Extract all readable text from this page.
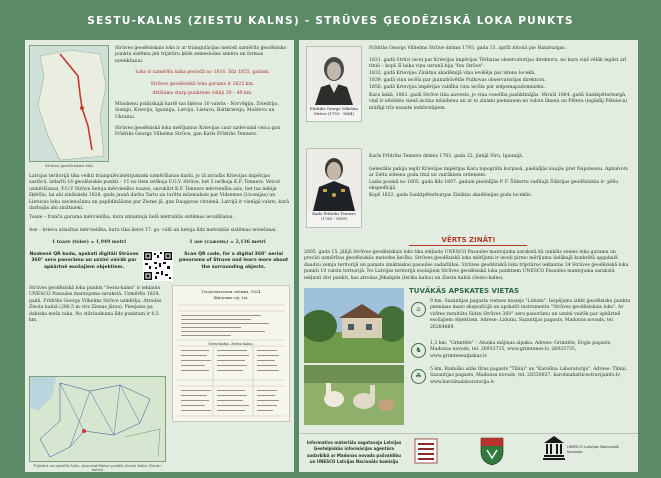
SESTU-KALNS (ZIESTU KALNS) - STRŪVES ĢEODĒZISKĀ LOKA PUNKTS
Strūves ģeodēziskais loks
Strūves ģeodēziskais loks ir ar triangulācijas metodi uzmērīts ģeodēzisko punktu sistēma jeb trijstūru ķēde zemeslodes izmēra un formas noteikšanai.
Loks ir uzmērīts laika periodā no 1816. līdz 1855. gadam.
Strūves ģeodēziskā loka garums ir 2822 km.
Attālums starp punktiem vidēji 30 – 40 km.
Mūsdienu politiskajā kartē tas šķērso 10 valstis - Norvēģiju, Zviedriju, Somiju, Krieviju, Igauniju, Latviju, Lietuvu, Baltkrieviju, Moldovu un Ukrainu.
Strūves ģeodēziskā loka mērījumus Krievijas caur uzdevumā veica gan Frīdrihs Georgs Vilhelms Strūve, gan Karls Frīdrihs Tenners.
Latvijas teritorijā tika veikti triangulēcimērijumiski uzmērīšanas darbi, jo tā atradās Krievijas impērijas sastāvā, izdarīti 16 ģeodēziskie punkti – 11 no tiem ierīkoja F.G.V. Strūve, bet 5 ierīkoja K.F. Tenners. Veicot uzmērīšanas, F.G.V Strūve lietoja mērvienību toazes, savukārt K.F. Tenners mērvienību asis, bet tas nebija šķēršļu, lai abi zinātnieki 1828. gada jaunā darba Tartu un turētu mūzmaksie par Vidzemes (Livonijas) un Lietuvas loku savienošanu un papildināšanu par Zieme jā, gan Daugavas virzienā. Latvijā ir vienīgā valsts, kurā darbojās abi zinātnieki.
Toaze – franču garuma mērvienība, kura izmantoja lielā metriskās sistēmas ievadīšanai.
Ase – krievu atlasītas mērvienība, kura tika lietot 17. gs. vidū un lietoja līdz metriskās sistēmas ieviešanai.
1 toaze (toise) = 1,949 metri	1 ase (сажень) = 2,136 metri
Noskenē QR kodu, apskati digitāli Strūves 360° sera panorāmu un uzzini vairāk par apkārtnē esošajiem objektiem.
Scan QR code, for a digital 360° aerial panorama of Struve and learn more about the surrounding objects.
Strūves ģeodēziskā loka punkts "Sestu-kalns" ir iekļauts UNESCO Pasaules mantojuma sarakstā. Uzmērīts 1824. gadā, Frīdrihs Georgs Vilhelms Strūve uzmērīja. Atrodas Ziestu kalnā (286,5 m virs Zienas jūras). Pieejams pa dabiska meža taku. No stāvlaukuma līdz punktam ir 0,5 km.
Геодезическая съёмка, 1824
Шведских стр. Lat.
Sestu-kalns. Ziestu kalns.
Trijstūri un apvidūs loka. Aizuzmērīšanai punkts Ziestu kalns (Sestu-kalns)
Frīdrihs Georgs Vilhelms Strūve (1793 - 1864)
Karls Frīdrihs Tenners (1783 - 1859)
Frīdrihs Georgs Vilhelms Strūve dzimis 1793. gada 15. aprīlī Altonā pie Hamburgas.
1831. gadā Strūvi ieceļ par Krievijas impērijas Tērbatas observatorijas direktoru, no kura viņš vēlāk iegūst arī tituli – kopš šī laika viņu uzrunā bija "fon Strūve".
1832. gadā Krievijas Zinātņu akadēmijā viņu ievēlēja par īsteno locekli.
1839. gadā viņu iecēla par jaunizbūvētās Pulkovas observatorijas direktoru.
1856. gadā Krievijas impērijas valdība viņu iecēla par zelpemapadomnieku.
Kara laikā, 1862. gadā Strūve tika aizvests, jo viņa veselība pasliktinājās. Miruši 1864. gadā Sanktpēterburgā, viņš ir iebēdzis vienā izcilus mūsdienu un ar to zināmi pieminiem no valstu līmeni un Pētera (iegādāj Pētnieca) mūžīgi trīs nesaite iedzīvotājiem.
Karls Frīdrihs Tenners dzimis 1783. gada 22. jūnijā Viru, Igaunijā.
Ģenerālis pabija iegūt Krievijas impērijas Kara topogrāfu korpusā, piedalījās kaujās pret Napoleonu. Apbalvots ar Zelta zobenu goda titul un vairākiem ordeņiem.
Laika posmā no 1805. gada līdz 1807. gadam piedalījās P. F. Šūberta vadītajā Šūbrijas ģeodēziskās ir- pēšu ekspedīcijā.
Kopš 1832. gada Sanktpēterburgas Zinātņu akadēmijas goda loceklis.
VĒRTS ZINĀT!
2005. gada 15. jūlijā Strūves ģeodēziskais loks tika iekļauts UNESCO Pasaules mantojuma sarakstā kā unikāls zemes loka garuma un precīzi uzmērītas ģeodēziskās metodes liecība. Strūves ģeodēziskā loka mērījumi ir ieceļi pirmo mērījumu lielākajā konkrētā apgabalā daudzu zemju teritorijā un pamats zinātniskai pasaules sadarbībai. Strūves ģeodēziskā loka trijstūros iekļautas 34 Strūves ģeodēziskā loka punkti 10 valstu teritorijā. No Latvijas teritorijā esošajiem Strūves ģeodēziskā loka punktiem UNESCO Pasaules mantojuma sarakstā iekļauti divi punkti, kas atrodas Jēkabpils (Ieriku kalns) un Ziestu kalnā (Sestu-kalns).
TUVĀKĀS APSKATES VIETAS
⌂
9 km. Sazantijas pagasta vietnes muzejs "Lidumi". Iespējams izlikt ģeodēzisko punktu piemiņas mazo ekspozīcijā un apskatīt instrumentu "Strūves ģeodēziskais loks". Ar vizītes rezultātu lūdzu Strūves 360° sera panorāmu un uzzini vairāk par apkārtnē esošajiem objektiem. Adrese: Lidumi, Sazantijas pagasts, Madonas novads, tel. 26284889.
♞
1,3 km. "Grimtēte" – Aluņka mājiņas alpaku. Adrese: Grimtēte, Ergļu pagasts, Madonas novads, tel. 26933735, www.grimtenes.lv, 26933735, www.grimtenealpakas.lv
☘
5 km. Radošās aitās tīras pagasts "Tībiņi" un "Karolīna Laboratorija". Adrese: Tībiņi, Sazantijas pagasts, Madonas novads, tel. 28330027. karolinabalticestravijainfo.lv, www.karolinalaboratorija.lv
Informatīvo materiālu sagatavoja Latvijas Ģeotelpiskās informācijas aģentūra sadarbībā ar Madonas novada pašvaldību un UNESCO Latvijas Nacionālo komisiju
UNESCO Latvijas Nacionālā komisija
